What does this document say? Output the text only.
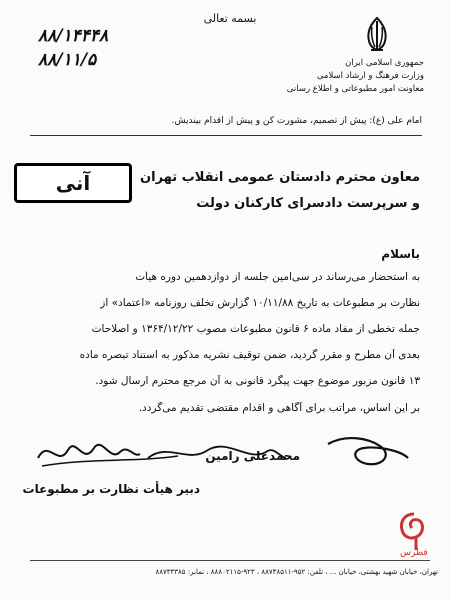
بسمه تعالی
۸۸/۱۴۴۴۸
۸۸/۱۱/۵	جمهوری اسلامی ایران
وزارت فرهنگ و ارشاد اسلامی
معاونت امور مطبوعاتی و اطلاع رسانی
امام علی (ع): پیش از تصمیم، مشورت کن و پیش از اقدام بیندیش.
آنی	معاون محترم دادستان عمومی انقلاب تهران
و سرپرست دادسرای کارکنان دولت
باسلام
به استحضار می‌رساند در سی‌امین جلسه از دوازدهمین دوره هیأت
نظارت بر مطبوعات به تاریخ ۱۰/۱۱/۸۸ گزارش تخلف روزنامه «اعتماد» از
جمله تخطی از مفاد ماده ۶ قانون مطبوعات مصوب ۱۳۶۴/۱۲/۲۲ و اصلاحات
بعدی آن مطرح و مقرر گردید، ضمن توقیف نشریه مذکور به استناد تبصره ماده
۱۳ قانون مزبور موضوع جهت پیگرد قانونی به آن مرجع محترم ارسال شود.
بر این اساس، مراتب برای آگاهی و اقدام مقتضی تقدیم می‌گردد.
محمدعلی رامین
دبیر هیأت نظارت بر مطبوعات
فطرس
تهران، خیابان شهید بهشتی، خیابان ... ، تلفن: ۹۵۲-۸۸۷۳۸۵۱۱ ، ۹۲۳-۸۸۸۰۲۱۱۵ ، نمابر: ۸۸۷۳۳۳۸۵
